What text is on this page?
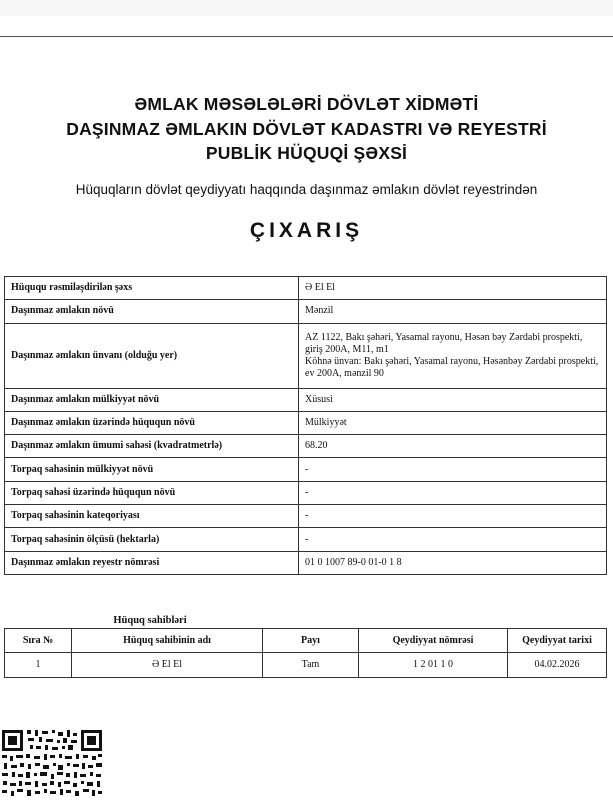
ƏMLAK MƏSƏLƏLƏRİ DÖVLƏT XİDMƏTİ
DAŞINMAZ ƏMLAKIN DÖVLƏT KADASTRI VƏ REYESTRİ
PUBLİK HÜQUQİ ŞƏXSİ
Hüquqların dövlət qeydiyyatı haqqında daşınmaz əmlakın dövlət reyestrindən
ÇIXARIŞ
Hüququ rəsmiləşdirilən şəxs	Ə El El
Daşınmaz əmlakın növü	Mənzil
Daşınmaz əmlakın ünvanı (olduğu yer)	AZ 1122, Bakı şəhəri, Yasamal rayonu, Həsən bəy Zərdabi prospekti, giriş 200A, M11, m1
Köhnə ünvan: Bakı şəhəri, Yasamal rayonu, Həsənbəy Zərdabi prospekti, ev 200A, mənzil 90

Daşınmaz əmlakın mülkiyyət növü	Xüsusi
Daşınmaz əmlakın üzərində hüququn növü	Mülkiyyət
Daşınmaz əmlakın ümumi sahəsi (kvadratmetrlə)	68.20
Torpaq sahəsinin mülkiyyət növü	-
Torpaq sahəsi üzərində hüququn növü	-
Torpaq sahəsinin kateqoriyası	-
Torpaq sahəsinin ölçüsü (hektarla)	-
Daşınmaz əmlakın reyestr nömrəsi	01 0 1007 89-0 01-0 1 8
Hüquq sahibləri
Sıra №	Hüquq sahibinin adı	Payı	Qeydiyyat nömrəsi	Qeydiyyat tarixi
1	Ə El El	Tam	1 2 01 1 0	04.02.2026
